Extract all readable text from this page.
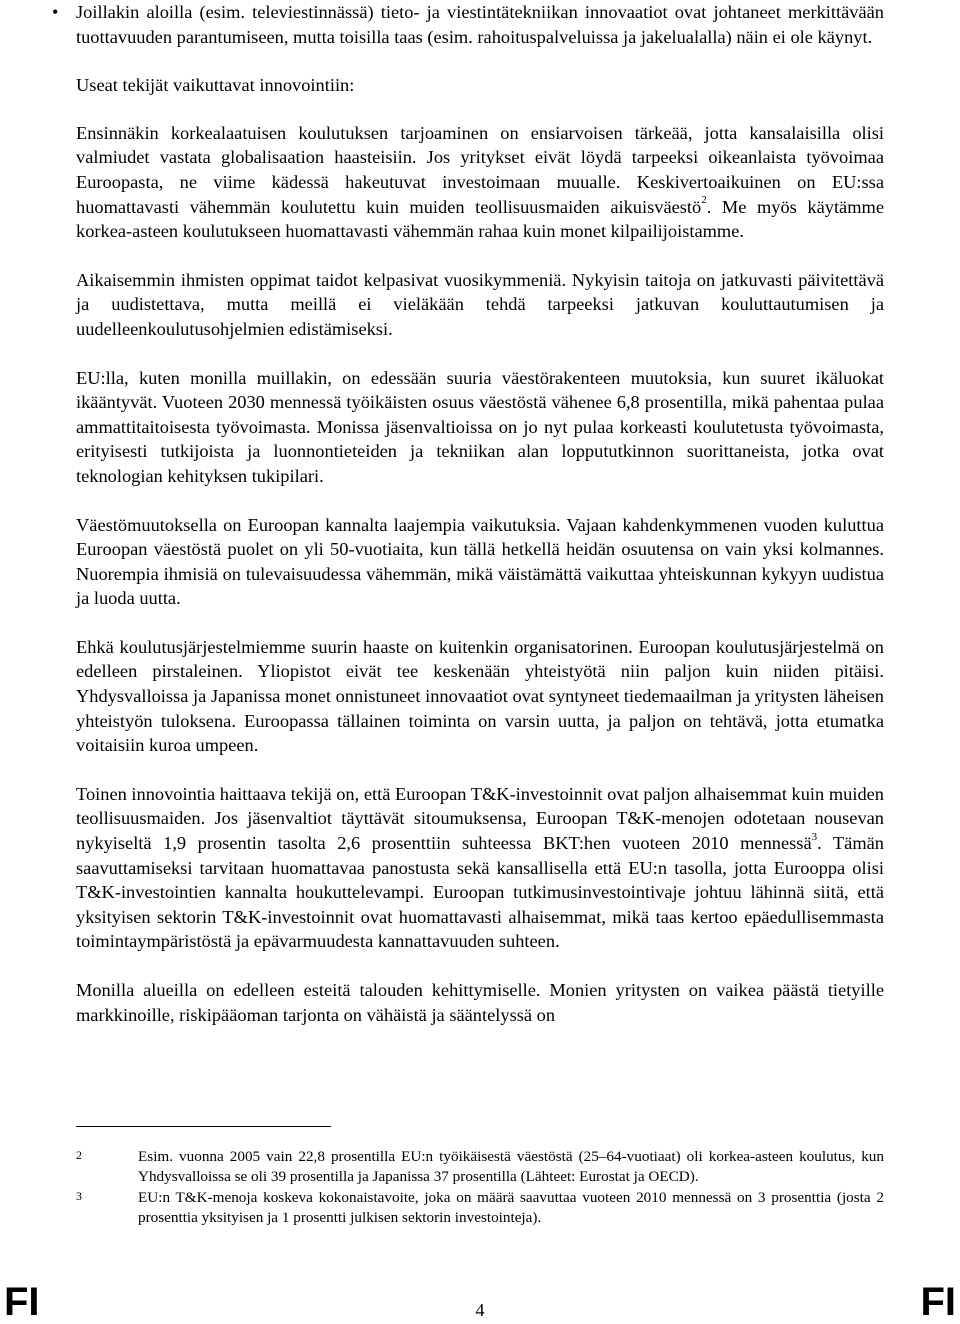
• Joillakin aloilla (esim. televiestinnässä) tieto- ja viestintätekniikan innovaatiot ovat johtaneet merkittävään tuottavuuden parantumiseen, mutta toisilla taas (esim. rahoituspalveluissa ja jakelualalla) näin ei ole käynyt.

Useat tekijät vaikuttavat innovointiin:

Ensinnäkin korkealaatuisen koulutuksen tarjoaminen on ensiarvoisen tärkeää, jotta kansalaisilla olisi valmiudet vastata globalisaation haasteisiin. Jos yritykset eivät löydä tarpeeksi oikeanlaista työvoimaa Euroopasta, ne viime kädessä hakeutuvat investoimaan muualle. Keskivertoaikuinen on EU:ssa huomattavasti vähemmän koulutettu kuin muiden teollisuusmaiden aikuisväestö$^2$. Me myös käytämme korkea-asteen koulutukseen huomattavasti vähemmän rahaa kuin monet kilpailijoistamme.

Aikaisemmin ihmisten oppimat taidot kelpasivat vuosikymmeniä. Nykyisin taitoja on jatkuvasti päivitettävä ja uudistettava, mutta meillä ei vieläkään tehdä tarpeeksi jatkuvan kouluttautumisen ja uudelleenkoulutusohjelmien edistämiseksi.

EU:lla, kuten monilla muillakin, on edessään suuria väestörakenteen muutoksia, kun suuret ikäluokat ikääntyvät. Vuoteen 2030 mennessä työikäisten osuus väestöstä vähenee 6,8 prosentilla, mikä pahentaa pulaa ammattitaitoisesta työvoimasta. Monissa jäsenvaltioissa on jo nyt pulaa korkeasti koulutetusta työvoimasta, erityisesti tutkijoista ja luonnontieteiden ja tekniikan alan loppututkinnon suorittaneista, jotka ovat teknologian kehityksen tukipilari.

Väestömuutoksella on Euroopan kannalta laajempia vaikutuksia. Vajaan kahdenkymmenen vuoden kuluttua Euroopan väestöstä puolet on yli 50-vuotiaita, kun tällä hetkellä heidän osuutensa on vain yksi kolmannes. Nuorempia ihmisiä on tulevaisuudessa vähemmän, mikä väistämättä vaikuttaa yhteiskunnan kykyyn uudistua ja luoda uutta.

Ehkä koulutusjärjestelmiemme suurin haaste on kuitenkin organisatorinen. Euroopan koulutusjärjestelmä on edelleen pirstaleinen. Yliopistot eivät tee keskenään yhteistyötä niin paljon kuin niiden pitäisi. Yhdysvalloissa ja Japanissa monet onnistuneet innovaatiot ovat syntyneet tiedemaailman ja yritysten läheisen yhteistyön tuloksena. Euroopassa tällainen toiminta on varsin uutta, ja paljon on tehtävä, jotta etumatka voitaisiin kuroa umpeen.

Toinen innovointia haittaava tekijä on, että Euroopan T&K-investoinnit ovat paljon alhaisemmat kuin muiden teollisuusmaiden. Jos jäsenvaltiot täyttävät sitoumuksensa, Euroopan T&K-menojen odotetaan nousevan nykyiseltä 1,9 prosentin tasolta 2,6 prosenttiin suhteessa BKT:hen vuoteen 2010 mennessä$^3$. Tämän saavuttamiseksi tarvitaan huomattavaa panostusta sekä kansallisella että EU:n tasolla, jotta Eurooppa olisi T&K-investointien kannalta houkuttelevampi. Euroopan tutkimusinvestointivaje johtuu lähinnä siitä, että yksityisen sektorin T&K-investoinnit ovat huomattavasti alhaisemmat, mikä taas kertoo epäedullisemmasta toimintaympäristöstä ja epävarmuudesta kannattavuuden suhteen.

Monilla alueilla on edelleen esteitä talouden kehittymiselle. Monien yritysten on vaikea päästä tietyille markkinoille, riskipääoman tarjonta on vähäistä ja sääntelyssä on

2	Esim. vuonna 2005 vain 22,8 prosentilla EU:n työikäisestä väestöstä (25–64-vuotiaat) oli korkea-asteen koulutus, kun Yhdysvalloissa se oli 39 prosentilla ja Japanissa 37 prosentilla (Lähteet: Eurostat ja OECD).
3	EU:n T&K-menoja koskeva kokonaistavoite, joka on määrä saavuttaa vuoteen 2010 mennessä on 3 prosenttia (josta 2 prosenttia yksityisen ja 1 prosentti julkisen sektorin investointeja).
FI	4	FI
